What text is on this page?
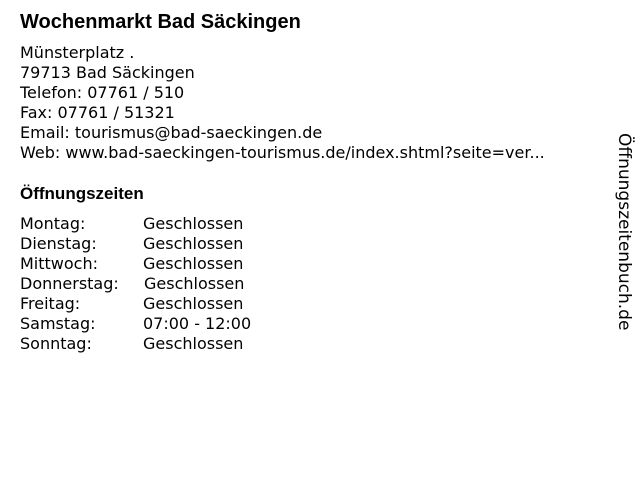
Wochenmarkt Bad Säckingen
Münsterplatz .
79713 Bad Säckingen
Telefon: 07761 / 510
Fax: 07761 / 51321
Email: tourismus@bad-saeckingen.de
Web: www.bad-saeckingen-tourismus.de/index.shtml?seite=ver...
Öffnungszeiten
Montag:	Geschlossen
Dienstag:	Geschlossen
Mittwoch:	Geschlossen
Donnerstag: Geschlossen
Freitag:	Geschlossen
Samstag:	07:00 - 12:00
Sonntag:	Geschlossen
Öffnungszeitenbuch.de
